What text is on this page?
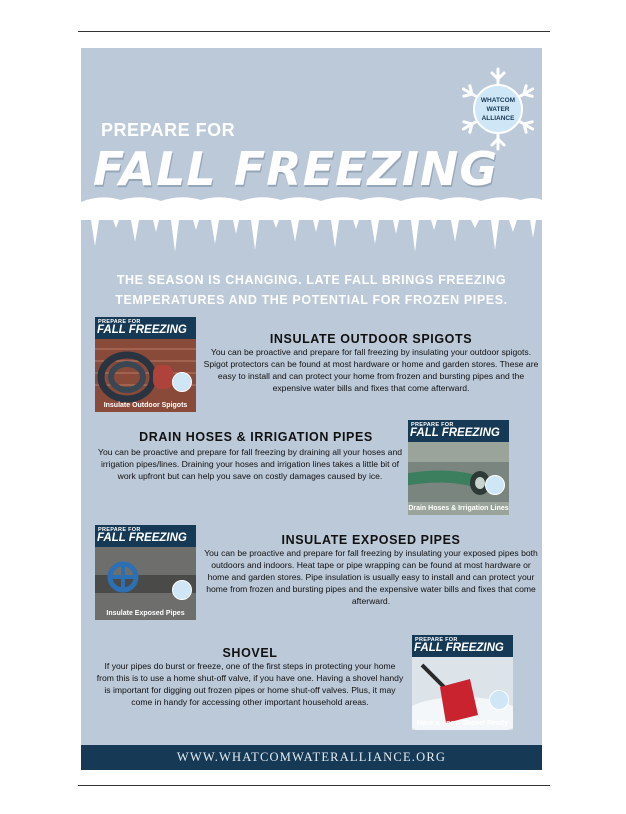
WHATCOM
WATER
ALLIANCE
PREPARE FOR
FALL FREEZING
THE SEASON IS CHANGING. LATE FALL BRINGS FREEZING
TEMPERATURES AND THE POTENTIAL FOR FROZEN PIPES.
PREPARE FOR
FALL FREEZING
Insulate Outdoor Spigots
INSULATE OUTDOOR SPIGOTS
You can be proactive and prepare for fall freezing by insulating your outdoor spigots. Spigot protectors can be found at most hardware or home and garden stores. These are easy to install and can protect your home from frozen and bursting pipes and the expensive water bills and fixes that come afterward.
DRAIN HOSES & IRRIGATION PIPES
You can be proactive and prepare for fall freezing by draining all your hoses and irrigation pipes/lines. Draining your hoses and irrigation lines takes a little bit of work upfront but can help you save on costly damages caused by ice.
PREPARE FOR
FALL FREEZING
Drain Hoses & Irrigation Lines
PREPARE FOR
FALL FREEZING
Insulate Exposed Pipes
INSULATE EXPOSED PIPES
You can be proactive and prepare for fall freezing by insulating your exposed pipes both outdoors and indoors. Heat tape or pipe wrapping can be found at most hardware or home and garden stores. Pipe insulation is usually easy to install and can protect your home from frozen and bursting pipes and the expensive water bills and fixes that come afterward.
SHOVEL
If your pipes do burst or freeze, one of the first steps in protecting your home from this is to use a home shut-off valve, if you have one. Having a shovel handy is important for digging out frozen pipes or home shut-off valves. Plus, it may come in handy for accessing other important household areas.
PREPARE FOR
FALL FREEZING
Have a Snow Shovel Ready
WWW.WHATCOMWATERALLIANCE.ORG
